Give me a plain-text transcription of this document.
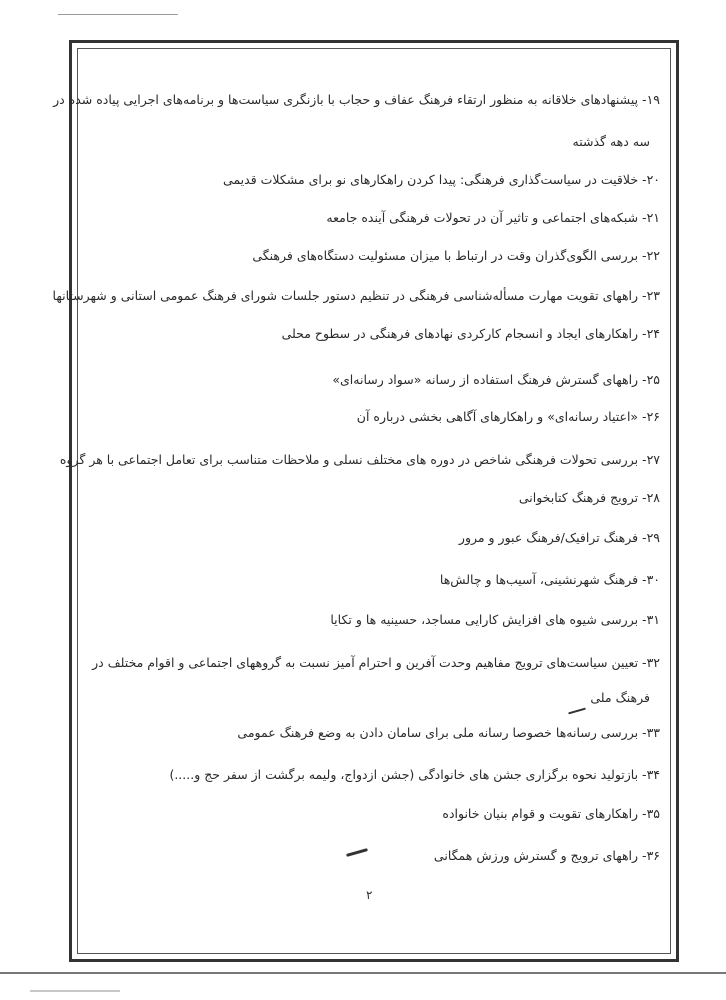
۱۹- پیشنهادهای خلاقانه به منظور ارتقاء فرهنگ عفاف و حجاب با بازنگری سیاست‌ها و برنامه‌های اجرایی پیاده شده در
سه دهه گذشته
۲۰- خلاقیت در سیاست‌گذاری فرهنگی: پیدا کردن راهکارهای نو برای مشکلات قدیمی
۲۱- شبکه‌های اجتماعی و تاثیر آن در تحولات فرهنگی آینده جامعه
۲۲- بررسی الگوی‌گذران وقت در ارتباط با میزان مسئولیت دستگاه‌های فرهنگی
۲۳- راههای تقویت مهارت مسأله‌شناسی فرهنگی در تنظیم دستور جلسات شورای فرهنگ عمومی استانی و شهرستانها
۲۴- راهکارهای ایجاد و انسجام کارکردی نهادهای فرهنگی در سطوح محلی
۲۵- راههای گسترش فرهنگ استفاده از رسانه «سواد رسانه‌ای»
۲۶- «اعتیاد رسانه‌ای» و راهکارهای آگاهی بخشی درباره آن
۲۷- بررسی تحولات فرهنگی شاخص در دوره های مختلف نسلی و ملاحظات متناسب برای تعامل اجتماعی با هر گروه
۲۸- ترویج فرهنگ کتابخوانی
۲۹- فرهنگ ترافیک/فرهنگ عبور و مرور
۳۰- فرهنگ شهرنشینی، آسیب‌ها و چالش‌ها
۳۱- بررسی شیوه های افزایش کارایی مساجد، حسینیه ها و تکایا
۳۲- تعیین سیاست‌های ترویج مفاهیم وحدت آفرین و احترام آمیز نسبت به گروههای اجتماعی و اقوام مختلف در
فرهنگ ملی
۳۳- بررسی رسانه‌ها خصوصا رسانه ملی برای سامان دادن به وضع فرهنگ عمومی
۳۴- بازتولید نحوه برگزاری جشن های خانوادگی (جشن ازدواج، ولیمه برگشت از سفر حج و.....)
۳۵- راهکارهای تقویت و قوام بنیان خانواده
۳۶- راههای ترویج و گسترش ورزش همگانی
۲
